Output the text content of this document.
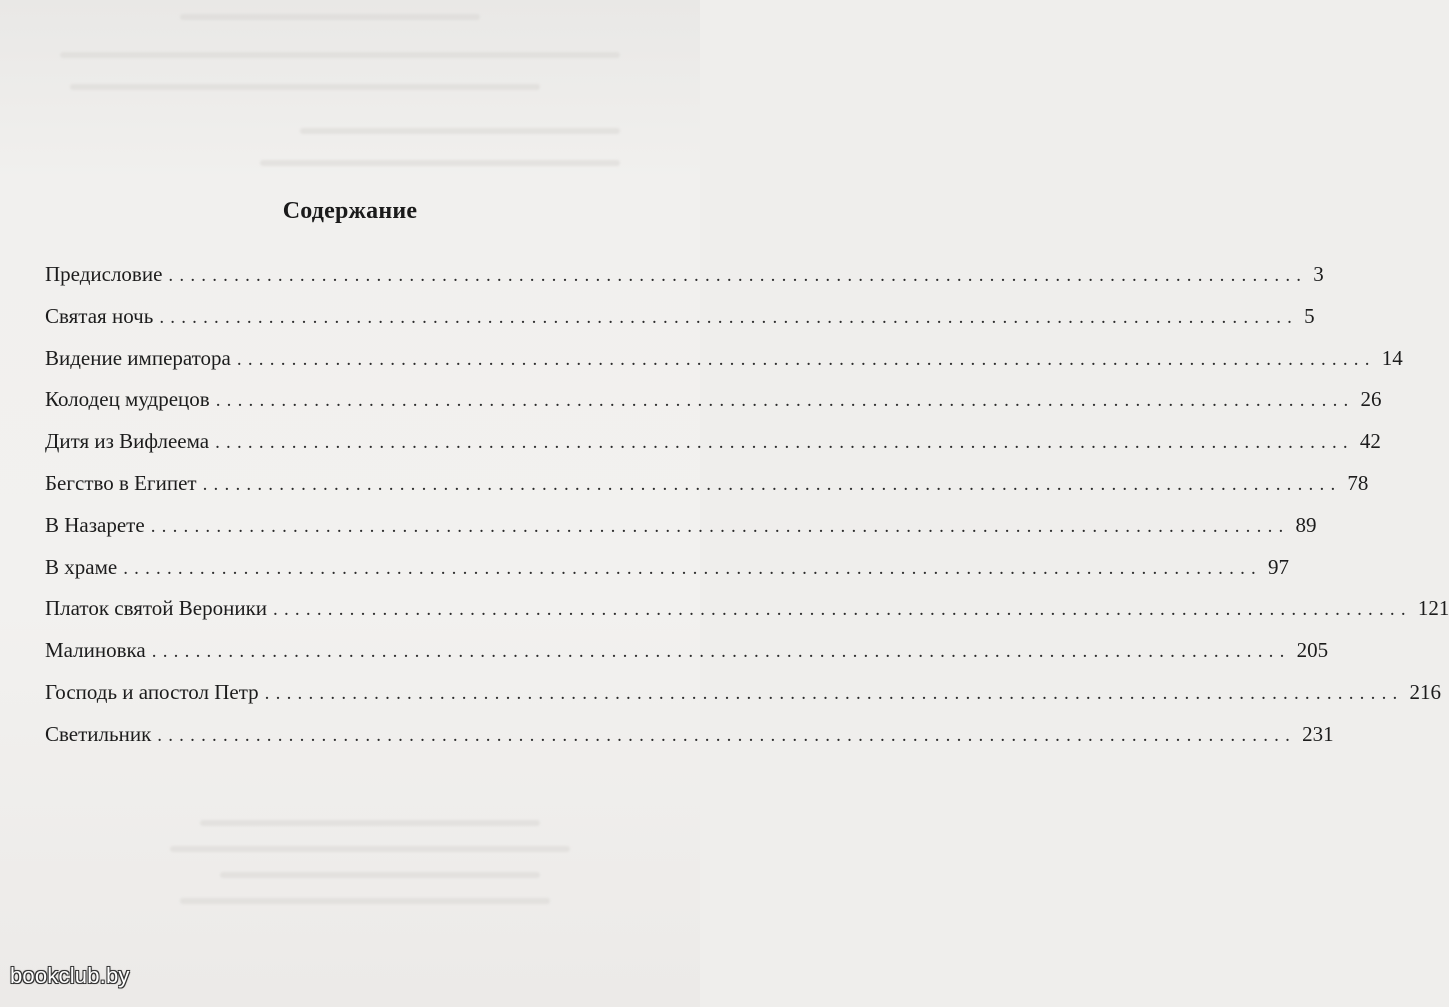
Содержание
Предисловие ........................................................................................................ 3
Святая ночь ........................................................................................................ 5
Видение императора ........................................................................................................ 14
Колодец мудрецов ........................................................................................................ 26
Дитя из Вифлеема ........................................................................................................ 42
Бегство в Египет ........................................................................................................ 78
В Назарете ........................................................................................................ 89
В храме ........................................................................................................ 97
Платок святой Вероники ........................................................................................................ 121
Малиновка ........................................................................................................ 205
Господь и апостол Петр ........................................................................................................ 216
Светильник ........................................................................................................ 231
bookclub.by
